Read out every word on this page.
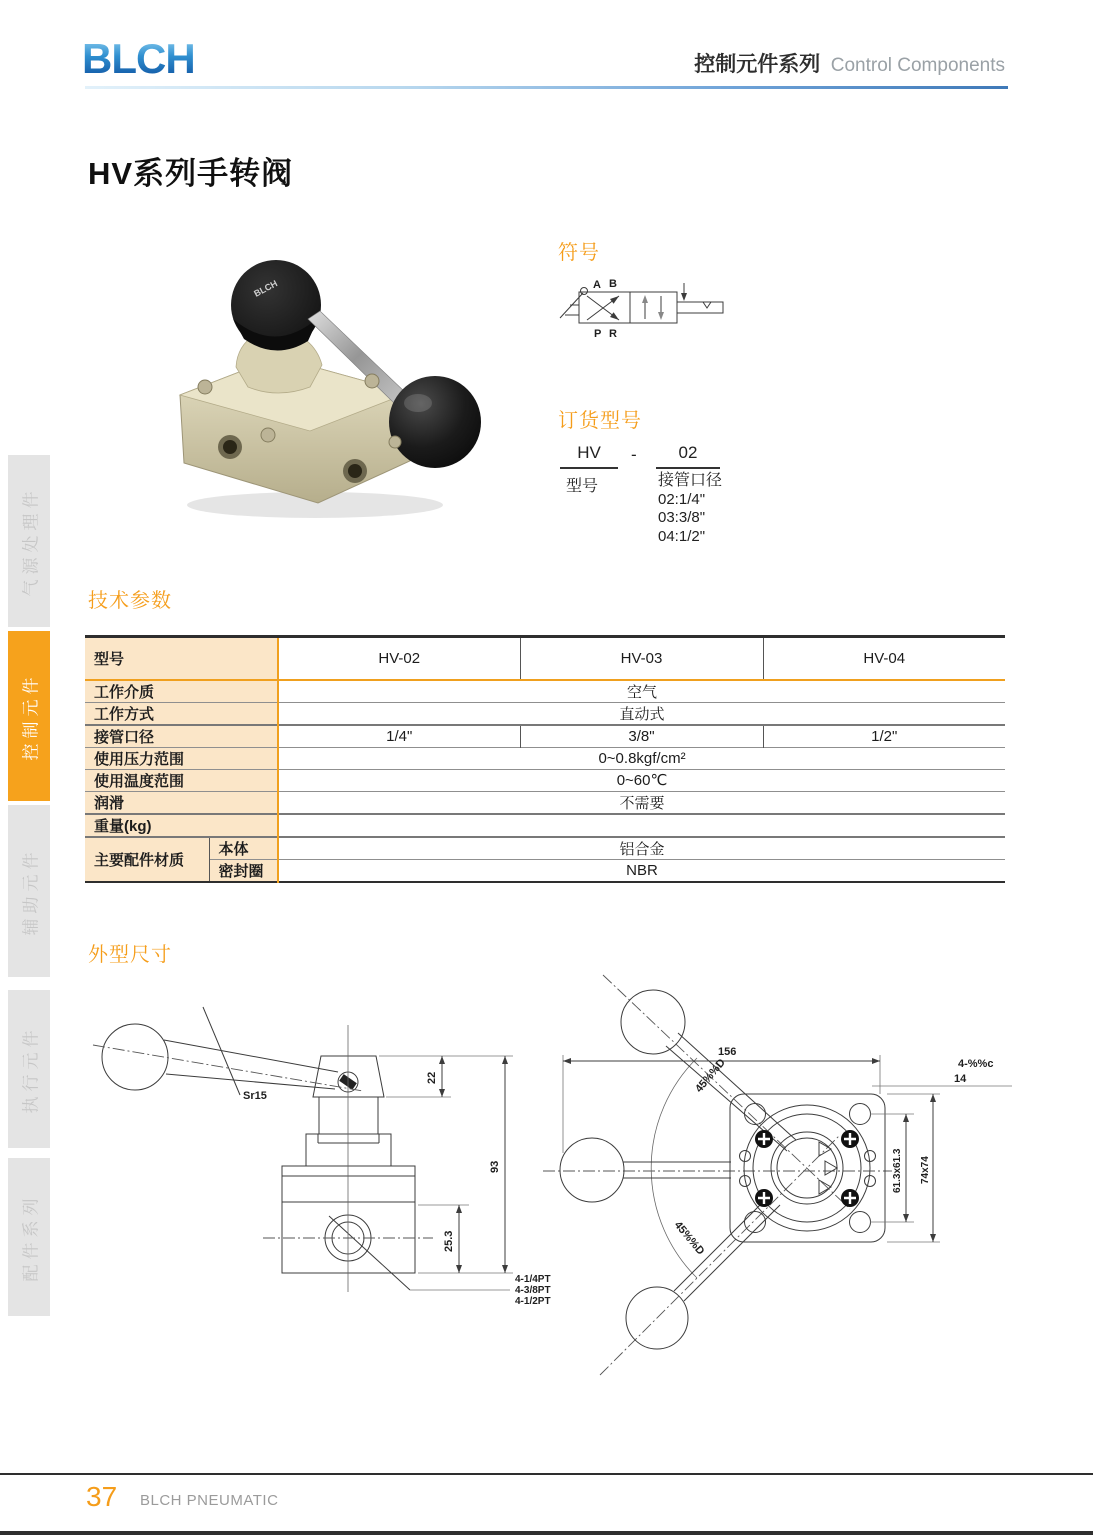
BLCH	控制元件系列 Control Components
HV系列手转阀
BLCH
符号
A B
P R
订货型号
HV	-	02
型号	接管口径
02:1/4"
03:3/8"
04:1/2"
技术参数
型号		HV-02	HV-03	HV-04
工作介质		空气		
工作方式		直动式		
接管口径		1/4"	3/8"	1/2"
使用压力范围		0~0.8kgf/cm²		
使用温度范围		0~60℃		
润滑		不需要		
重量(kg)				
主要配件材质	本体	铝合金		
	密封圈	NBR		
外型尺寸
Sr15
22
93
25.3
4-1/4PT
4-3/8PT
4-1/2PT
156
45%%D
45%%D
61.3x61.3 74x74
4-%%c
14
气源处理件
控制元件
辅助元件
执行元件
配件系列
37 BLCH PNEUMATIC
